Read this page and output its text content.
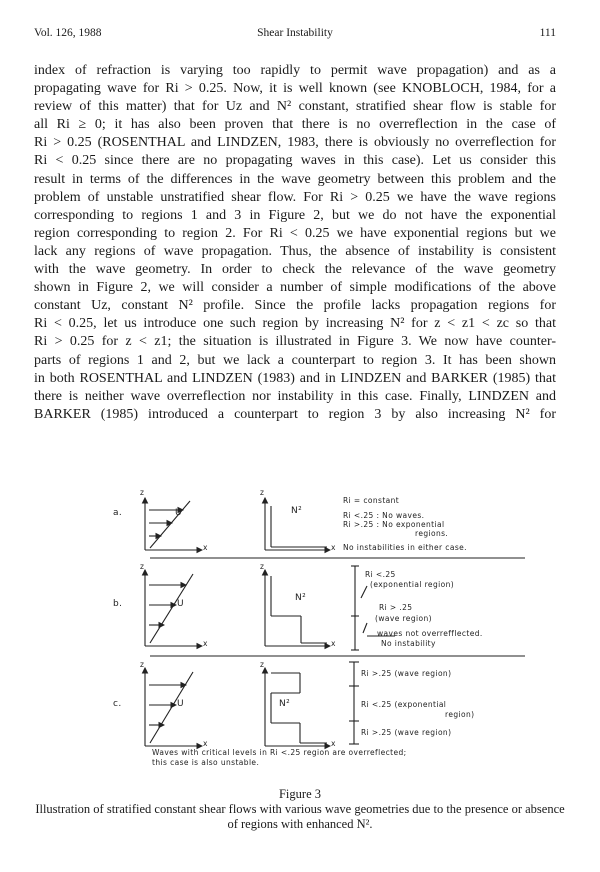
Vol. 126, 1988	Shear Instability	111
index of refraction is varying too rapidly to permit wave propagation) and as a
propagating wave for Ri > 0.25. Now, it is well known (see KNOBLOCH, 1984, for a
review of this matter) that for Uz and N² constant, stratified shear flow is stable for
all Ri ≥ 0; it has also been proven that there is no overreflection in the case of
Ri > 0.25 (ROSENTHAL and LINDZEN, 1983, there is obviously no overreflection for
Ri < 0.25 since there are no propagating waves in this case). Let us consider this
result in terms of the differences in the wave geometry between this problem and the
problem of unstable unstratified shear flow. For Ri > 0.25 we have the wave regions
corresponding to regions 1 and 3 in Figure 2, but we do not have the exponential
region corresponding to region 2. For Ri < 0.25 we have exponential regions but we
lack any regions of wave propagation. Thus, the absence of instability is consistent
with the wave geometry. In order to check the relevance of the wave geometry
shown in Figure 2, we will consider a number of simple modifications of the above
constant Uz, constant N² profile. Since the profile lacks propagation regions for
Ri < 0.25, let us introduce one such region by increasing N² for z < z1 < zc so that
Ri > 0.25 for z < z1; the situation is illustrated in Figure 3. We now have counter-
parts of regions 1 and 2, but we lack a counterpart to region 3. It has been shown
in both ROSENTHAL and LINDZEN (1983) and in LINDZEN and BARKER (1985) that
there is neither wave overreflection nor instability in this case. Finally, LINDZEN and
BARKER (1985) introduced a counterpart to region 3 by also increasing N² for
z	z
x	x
a.	U	N²
Ri = constant
Ri <.25 : No waves.
Ri >.25 : No exponential
regions.
No instabilities in either case.
z	z
x	x
b.	U
N²
Ri <.25
(exponential region)
Ri > .25
(wave region)
waves not overrefflected.
No instability
z	z
x	x
c.	U	N²
Ri >.25 (wave region)
Ri <.25 (exponential
region)
Ri >.25 (wave region)
Waves with critical levels in Ri <.25 region are overreflected;
this case is also unstable.
Figure 3
Illustration of stratified constant shear flows with various wave geometries due to the presence or absence of regions with enhanced N².
